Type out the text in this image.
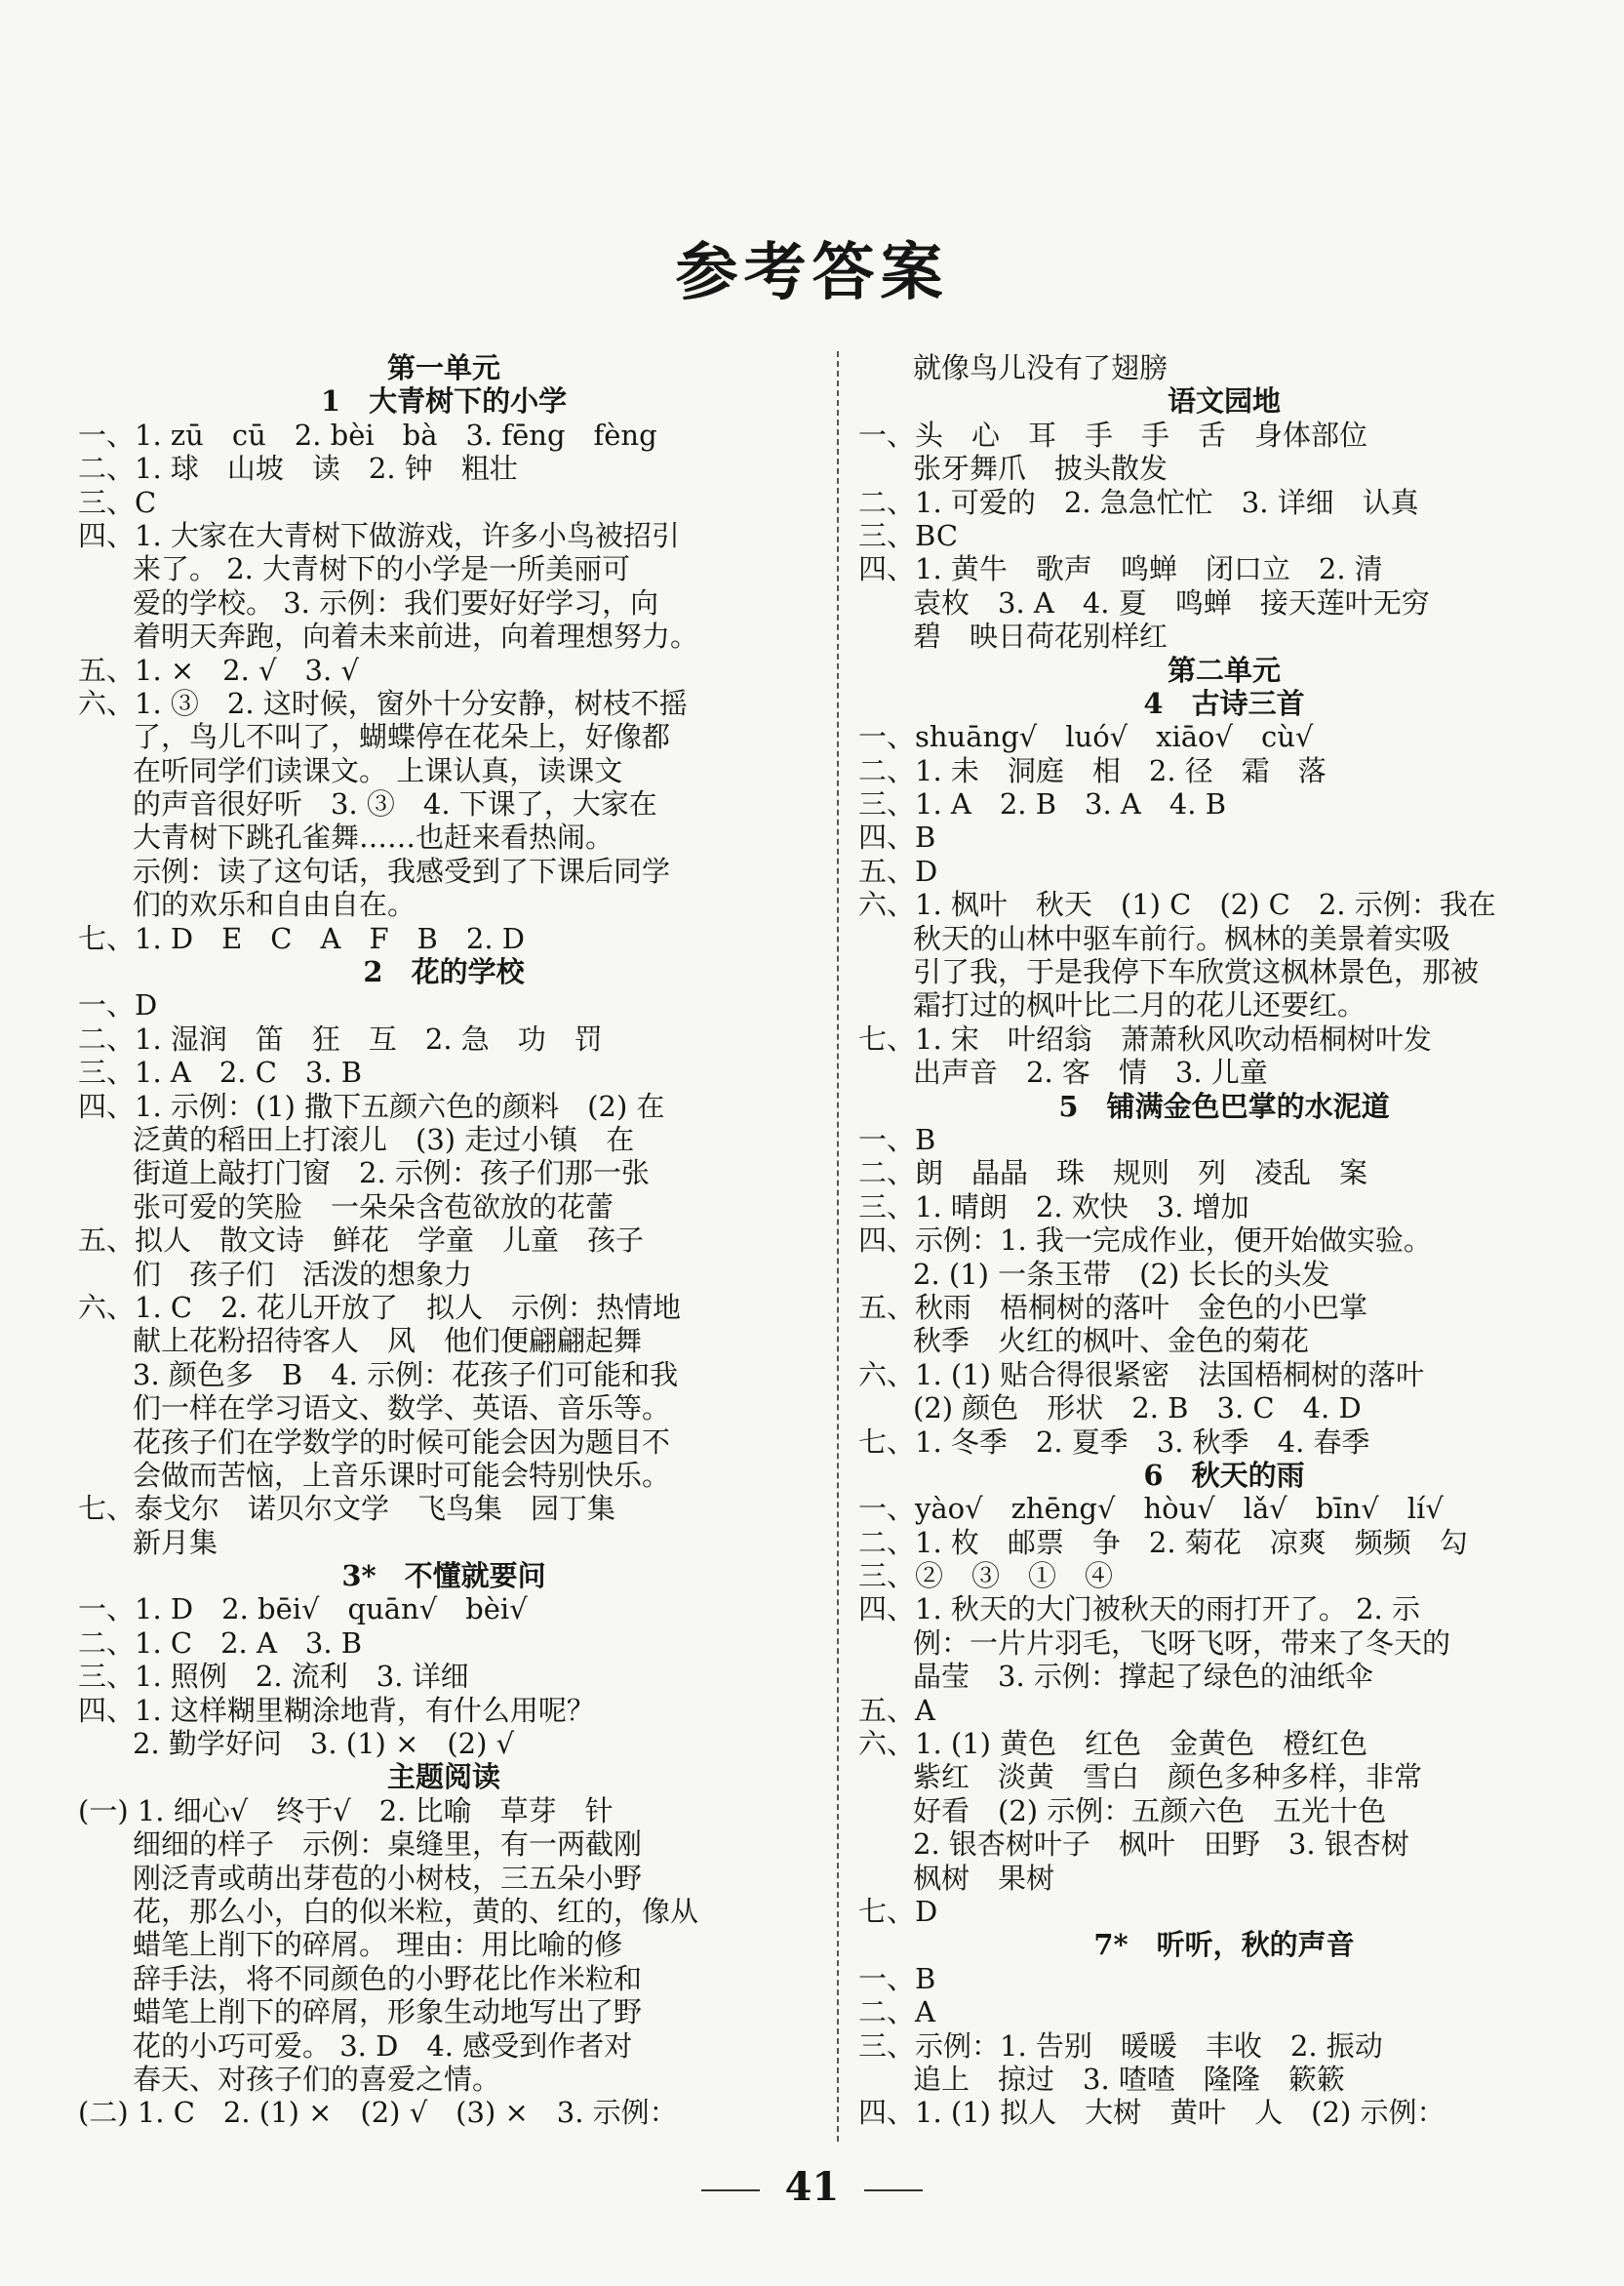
参考答案
第一单元
1　大青树下的小学
一、1. zū　cū　2. bèi　bà　3. fēng　fèng
二、1. 球　山坡　读　2. 钟　粗壮
三、C
四、1. 大家在大青树下做游戏，许多小鸟被招引
来了。 2. 大青树下的小学是一所美丽可
爱的学校。 3. 示例：我们要好好学习，向
着明天奔跑，向着未来前进，向着理想努力。
五、1. ×　2. √　3. √
六、1. ③　2. 这时候，窗外十分安静，树枝不摇
了，鸟儿不叫了，蝴蝶停在花朵上，好像都
在听同学们读课文。 上课认真，读课文
的声音很好听　3. ③　4. 下课了，大家在
大青树下跳孔雀舞……也赶来看热闹。
示例：读了这句话，我感受到了下课后同学
们的欢乐和自由自在。
七、1. D　E　C　A　F　B　2. D
2　花的学校
一、D
二、1. 湿润　笛　狂　互　2. 急　功　罚
三、1. A　2. C　3. B
四、1. 示例：(1) 撒下五颜六色的颜料　(2) 在
泛黄的稻田上打滚儿　(3) 走过小镇　在
街道上敲打门窗　2. 示例：孩子们那一张
张可爱的笑脸　一朵朵含苞欲放的花蕾
五、拟人　散文诗　鲜花　学童　儿童　孩子
们　孩子们　活泼的想象力
六、1. C　2. 花儿开放了　拟人　示例：热情地
献上花粉招待客人　风　他们便翩翩起舞
3. 颜色多　B　4. 示例：花孩子们可能和我
们一样在学习语文、数学、英语、音乐等。
花孩子们在学数学的时候可能会因为题目不
会做而苦恼，上音乐课时可能会特别快乐。
七、泰戈尔　诺贝尔文学　飞鸟集　园丁集
新月集
3*　不懂就要问
一、1. D　2. bēi√　quān√　bèi√
二、1. C　2. A　3. B
三、1. 照例　2. 流利　3. 详细
四、1. 这样糊里糊涂地背，有什么用呢？
2. 勤学好问　3. (1) ×　(2) √
主题阅读
(一) 1. 细心√　终于√　2. 比喻　草芽　针
细细的样子　示例：桌缝里，有一两截刚
刚泛青或萌出芽苞的小树枝，三五朵小野
花，那么小，白的似米粒，黄的、红的，像从
蜡笔上削下的碎屑。 理由：用比喻的修
辞手法，将不同颜色的小野花比作米粒和
蜡笔上削下的碎屑，形象生动地写出了野
花的小巧可爱。 3. D　4. 感受到作者对
春天、对孩子们的喜爱之情。
(二) 1. C　2. (1) ×　(2) √　(3) ×　3. 示例：
就像鸟儿没有了翅膀
语文园地
一、头　心　耳　手　手　舌　身体部位
张牙舞爪　披头散发
二、1. 可爱的　2. 急急忙忙　3. 详细　认真
三、BC
四、1. 黄牛　歌声　鸣蝉　闭口立　2. 清
袁枚　3. A　4. 夏　鸣蝉　接天莲叶无穷
碧　映日荷花别样红
第二单元
4　古诗三首
一、shuāng√　luó√　xiāo√　cù√
二、1. 未　洞庭　相　2. 径　霜　落
三、1. A　2. B　3. A　4. B
四、B
五、D
六、1. 枫叶　秋天　(1) C　(2) C　2. 示例：我在
秋天的山林中驱车前行。枫林的美景着实吸
引了我，于是我停下车欣赏这枫林景色，那被
霜打过的枫叶比二月的花儿还要红。
七、1. 宋　叶绍翁　萧萧秋风吹动梧桐树叶发
出声音　2. 客　情　3. 儿童
5　铺满金色巴掌的水泥道
一、B
二、朗　晶晶　珠　规则　列　凌乱　案
三、1. 晴朗　2. 欢快　3. 增加
四、示例：1. 我一完成作业，便开始做实验。
2. (1) 一条玉带　(2) 长长的头发
五、秋雨　梧桐树的落叶　金色的小巴掌
秋季　火红的枫叶、金色的菊花
六、1. (1) 贴合得很紧密　法国梧桐树的落叶
(2) 颜色　形状　2. B　3. C　4. D
七、1. 冬季　2. 夏季　3. 秋季　4. 春季
6　秋天的雨
一、yào√　zhēng√　hòu√　lǎ√　bīn√　lí√
二、1. 枚　邮票　争　2. 菊花　凉爽　频频　勾
三、②　③　①　④
四、1. 秋天的大门被秋天的雨打开了。 2. 示
例：一片片羽毛，飞呀飞呀，带来了冬天的
晶莹　3. 示例：撑起了绿色的油纸伞
五、A
六、1. (1) 黄色　红色　金黄色　橙红色
紫红　淡黄　雪白　颜色多种多样，非常
好看　(2) 示例：五颜六色　五光十色
2. 银杏树叶子　枫叶　田野　3. 银杏树
枫树　果树
七、D
7*　听听，秋的声音
一、B
二、A
三、示例：1. 告别　暖暖　丰收　2. 振动
追上　掠过　3. 喳喳　隆隆　簌簌
四、1. (1) 拟人　大树　黄叶　人　(2) 示例：
41
